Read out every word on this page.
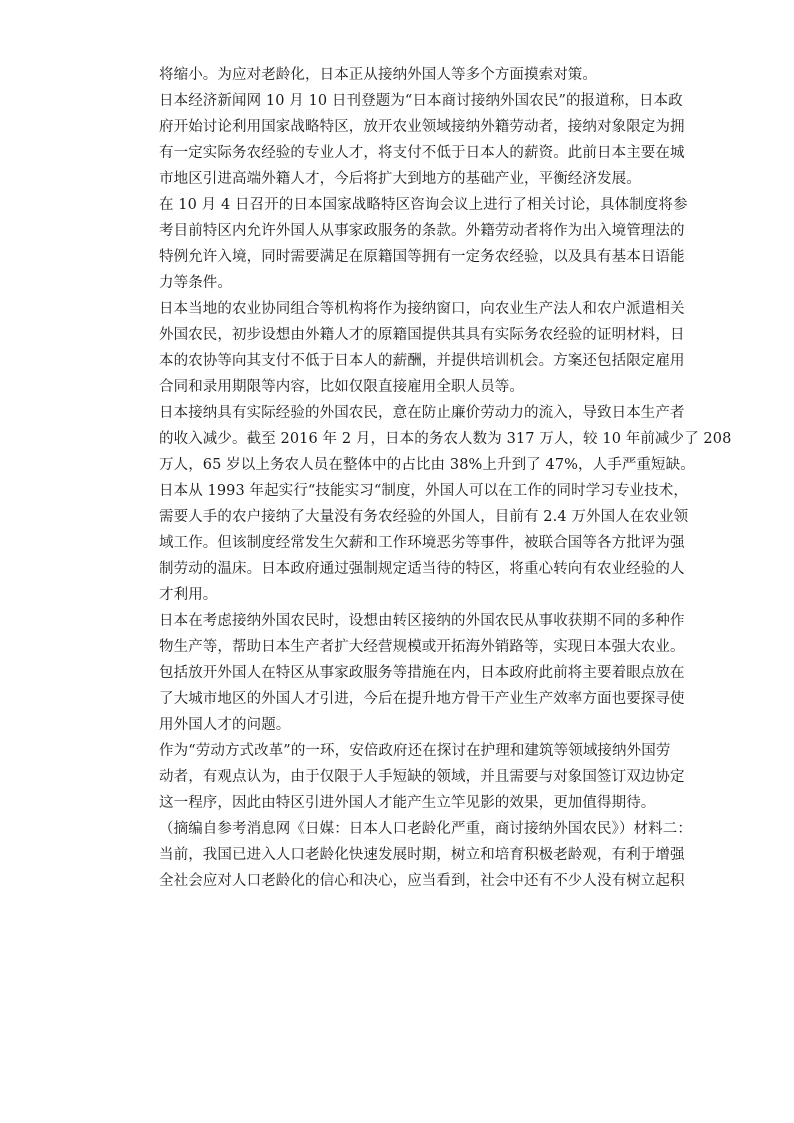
将缩小。为应对老龄化，日本正从接纳外国人等多个方面摸索对策。
日本经济新闻网 10 月 10 日刊登题为“日本商讨接纳外国农民”的报道称，日本政
府开始讨论利用国家战略特区，放开农业领域接纳外籍劳动者，接纳对象限定为拥
有一定实际务农经验的专业人才，将支付不低于日本人的薪资。此前日本主要在城
市地区引进高端外籍人才，今后将扩大到地方的基础产业，平衡经济发展。
在 10 月 4 日召开的日本国家战略特区咨询会议上进行了相关讨论，具体制度将参
考目前特区内允许外国人从事家政服务的条款。外籍劳动者将作为出入境管理法的
特例允许入境，同时需要满足在原籍国等拥有一定务农经验，以及具有基本日语能
力等条件。
日本当地的农业协同组合等机构将作为接纳窗口，向农业生产法人和农户派遣相关
外国农民，初步设想由外籍人才的原籍国提供其具有实际务农经验的证明材料，日
本的农协等向其支付不低于日本人的薪酬，并提供培训机会。方案还包括限定雇用
合同和录用期限等内容，比如仅限直接雇用全职人员等。
日本接纳具有实际经验的外国农民，意在防止廉价劳动力的流入，导致日本生产者
的收入减少。截至 2016 年 2 月，日本的务农人数为 317 万人，较 10 年前减少了 208
万人，65 岁以上务农人员在整体中的占比由 38%上升到了 47%，人手严重短缺。
日本从 1993 年起实行“技能实习“制度，外国人可以在工作的同时学习专业技术，
需要人手的农户接纳了大量没有务农经验的外国人，目前有 2.4 万外国人在农业领
域工作。但该制度经常发生欠薪和工作环境恶劣等事件，被联合国等各方批评为强
制劳动的温床。日本政府通过强制规定适当待的特区，将重心转向有农业经验的人
才利用。
日本在考虑接纳外国农民时，设想由转区接纳的外国农民从事收获期不同的多种作
物生产等，帮助日本生产者扩大经营规模或开拓海外销路等，实现日本强大农业。
包括放开外国人在特区从事家政服务等措施在内，日本政府此前将主要着眼点放在
了大城市地区的外国人才引进，今后在提升地方骨干产业生产效率方面也要探寻使
用外国人才的问题。
作为“劳动方式改革”的一环，安倍政府还在探讨在护理和建筑等领域接纳外国劳
动者，有观点认为，由于仅限于人手短缺的领域，并且需要与对象国签订双边协定
这一程序，因此由特区引进外国人才能产生立竿见影的效果，更加值得期待。
（摘编自参考消息网《日媒：日本人口老龄化严重，商讨接纳外国农民》）材料二：
当前，我国已进入人口老龄化快速发展时期，树立和培育积极老龄观，有利于增强
全社会应对人口老龄化的信心和决心，应当看到，社会中还有不少人没有树立起积
